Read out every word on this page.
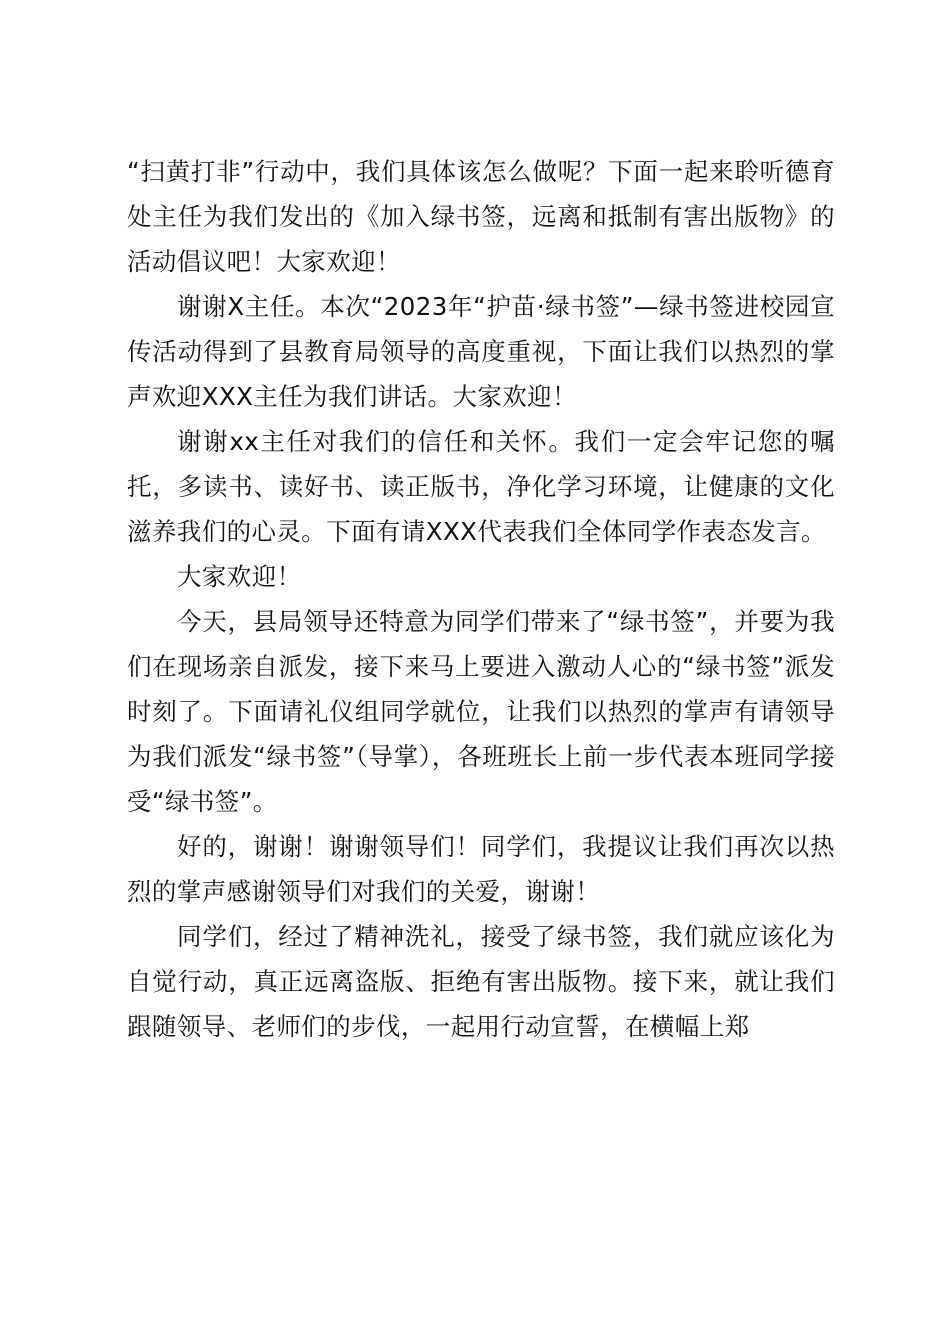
“扫黄打非”行动中，我们具体该怎么做呢？下面一起来聆听德育处主任为我们发出的《加入绿书签，远离和抵制有害出版物》的活动倡议吧！大家欢迎！

谢谢X主任。本次“2023年“护苗·绿书签”—绿书签进校园宣传活动得到了县教育局领导的高度重视，下面让我们以热烈的掌声欢迎XXX主任为我们讲话。大家欢迎！

谢谢xx主任对我们的信任和关怀。我们一定会牢记您的嘱托，多读书、读好书、读正版书，净化学习环境，让健康的文化滋养我们的心灵。下面有请XXX代表我们全体同学作表态发言。

大家欢迎！

今天，县局领导还特意为同学们带来了“绿书签”，并要为我们在现场亲自派发，接下来马上要进入激动人心的“绿书签”派发时刻了。下面请礼仪组同学就位，让我们以热烈的掌声有请领导为我们派发“绿书签”（导掌），各班班长上前一步代表本班同学接受“绿书签”。

好的，谢谢！谢谢领导们！同学们，我提议让我们再次以热烈的掌声感谢领导们对我们的关爱，谢谢！

同学们，经过了精神洗礼，接受了绿书签，我们就应该化为自觉行动，真正远离盗版、拒绝有害出版物。接下来，就让我们跟随领导、老师们的步伐，一起用行动宣誓，在横幅上郑
